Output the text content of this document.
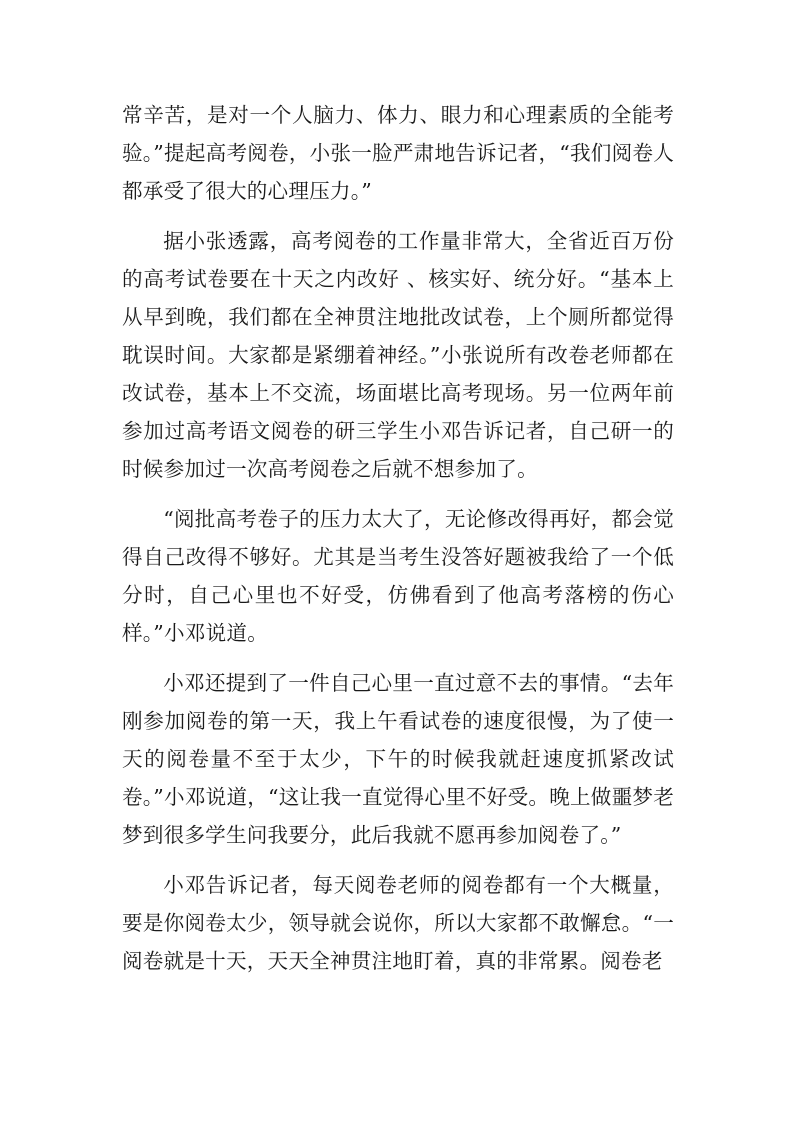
常辛苦，是对一个人脑力、体力、眼力和心理素质的全能考验。”提起高考阅卷，小张一脸严肃地告诉记者，“我们阅卷人都承受了很大的心理压力。”

据小张透露，高考阅卷的工作量非常大，全省近百万份的高考试卷要在十天之内改好 、核实好、统分好。“基本上从早到晚，我们都在全神贯注地批改试卷，上个厕所都觉得耽误时间。大家都是紧绷着神经。”小张说所有改卷老师都在改试卷，基本上不交流，场面堪比高考现场。另一位两年前参加过高考语文阅卷的研三学生小邓告诉记者，自己研一的时候参加过一次高考阅卷之后就不想参加了。

“阅批高考卷子的压力太大了，无论修改得再好，都会觉得自己改得不够好。尤其是当考生没答好题被我给了一个低分时，自己心里也不好受，仿佛看到了他高考落榜的伤心样。”小邓说道。

小邓还提到了一件自己心里一直过意不去的事情。“去年刚参加阅卷的第一天，我上午看试卷的速度很慢，为了使一天的阅卷量不至于太少，下午的时候我就赶速度抓紧改试卷。”小邓说道，“这让我一直觉得心里不好受。晚上做噩梦老梦到很多学生问我要分，此后我就不愿再参加阅卷了。”

小邓告诉记者，每天阅卷老师的阅卷都有一个大概量，要是你阅卷太少，领导就会说你，所以大家都不敢懈怠。“一阅卷就是十天，天天全神贯注地盯着，真的非常累。阅卷老
